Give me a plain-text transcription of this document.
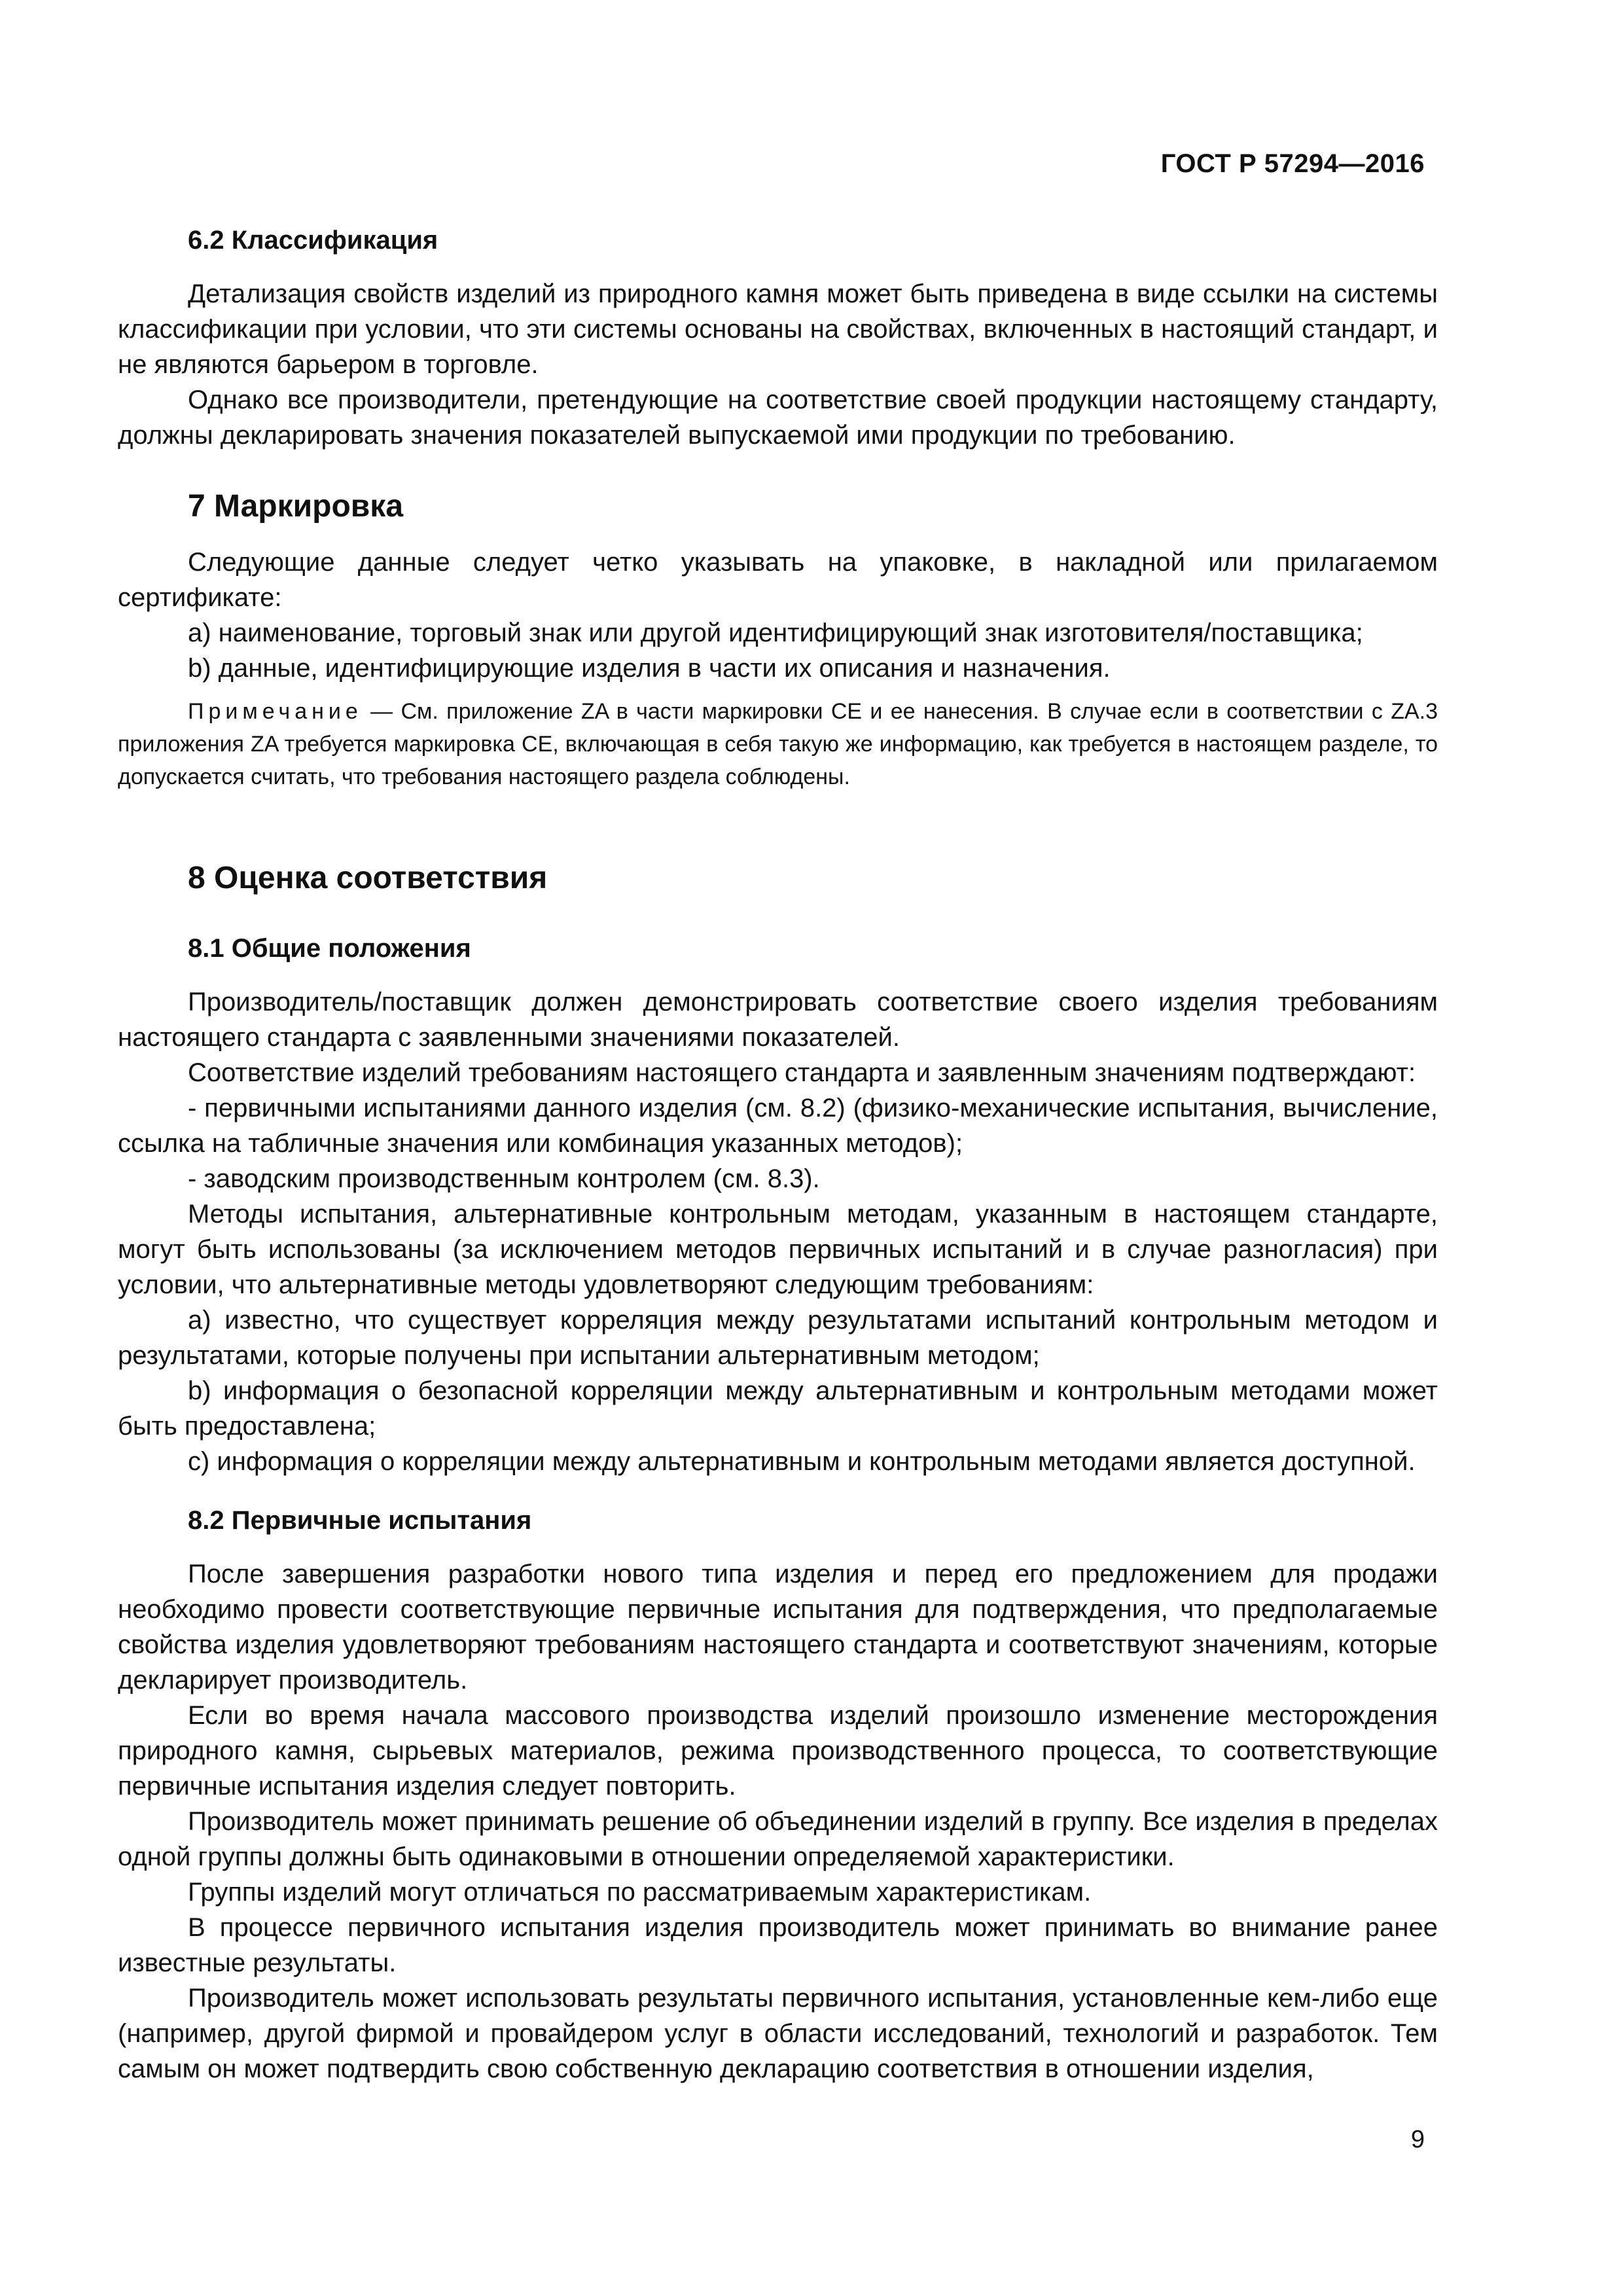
ГОСТ Р 57294—2016
6.2 Классификация

Детализация свойств изделий из природного камня может быть приведена в виде ссылки на системы классификации при условии, что эти системы основаны на свойствах, включенных в настоящий стандарт, и не являются барьером в торговле.

Однако все производители, претендующие на соответствие своей продукции настоящему стандарту, должны декларировать значения показателей выпускаемой ими продукции по требованию.

7 Маркировка

Следующие данные следует четко указывать на упаковке, в накладной или прилагаемом сертификате:

a) наименование, торговый знак или другой идентифицирующий знак изготовителя/поставщика;

b) данные, идентифицирующие изделия в части их описания и назначения.

Примечание — См. приложение ZA в части маркировки СЕ и ее нанесения. В случае если в соответствии с ZA.3 приложения ZA требуется маркировка СЕ, включающая в себя такую же информацию, как требуется в настоящем разделе, то допускается считать, что требования настоящего раздела соблюдены.

8 Оценка соответствия
8.1 Общие положения

Производитель/поставщик должен демонстрировать соответствие своего изделия требованиям настоящего стандарта с заявленными значениями показателей.

Соответствие изделий требованиям настоящего стандарта и заявленным значениям подтверждают:

- первичными испытаниями данного изделия (см. 8.2) (физико-механические испытания, вычисление, ссылка на табличные значения или комбинация указанных методов);

- заводским производственным контролем (см. 8.3).

Методы испытания, альтернативные контрольным методам, указанным в настоящем стандарте, могут быть использованы (за исключением методов первичных испытаний и в случае разногласия) при условии, что альтернативные методы удовлетворяют следующим требованиям:

а) известно, что существует корреляция между результатами испытаний контрольным методом и результатами, которые получены при испытании альтернативным методом;

b) информация о безопасной корреляции между альтернативным и контрольным методами может быть предоставлена;

с) информация о корреляции между альтернативным и контрольным методами является доступной.

8.2 Первичные испытания

После завершения разработки нового типа изделия и перед его предложением для продажи необходимо провести соответствующие первичные испытания для подтверждения, что предполагаемые свойства изделия удовлетворяют требованиям настоящего стандарта и соответствуют значениям, которые декларирует производитель.

Если во время начала массового производства изделий произошло изменение месторождения природного камня, сырьевых материалов, режима производственного процесса, то соответствующие первичные испытания изделия следует повторить.

Производитель может принимать решение об объединении изделий в группу. Все изделия в пределах одной группы должны быть одинаковыми в отношении определяемой характеристики.

Группы изделий могут отличаться по рассматриваемым характеристикам.

В процессе первичного испытания изделия производитель может принимать во внимание ранее известные результаты.

Производитель может использовать результаты первичного испытания, установленные кем-либо еще (например, другой фирмой и провайдером услуг в области исследований, технологий и разработок. Тем самым он может подтвердить свою собственную декларацию соответствия в отношении изделия,

9
